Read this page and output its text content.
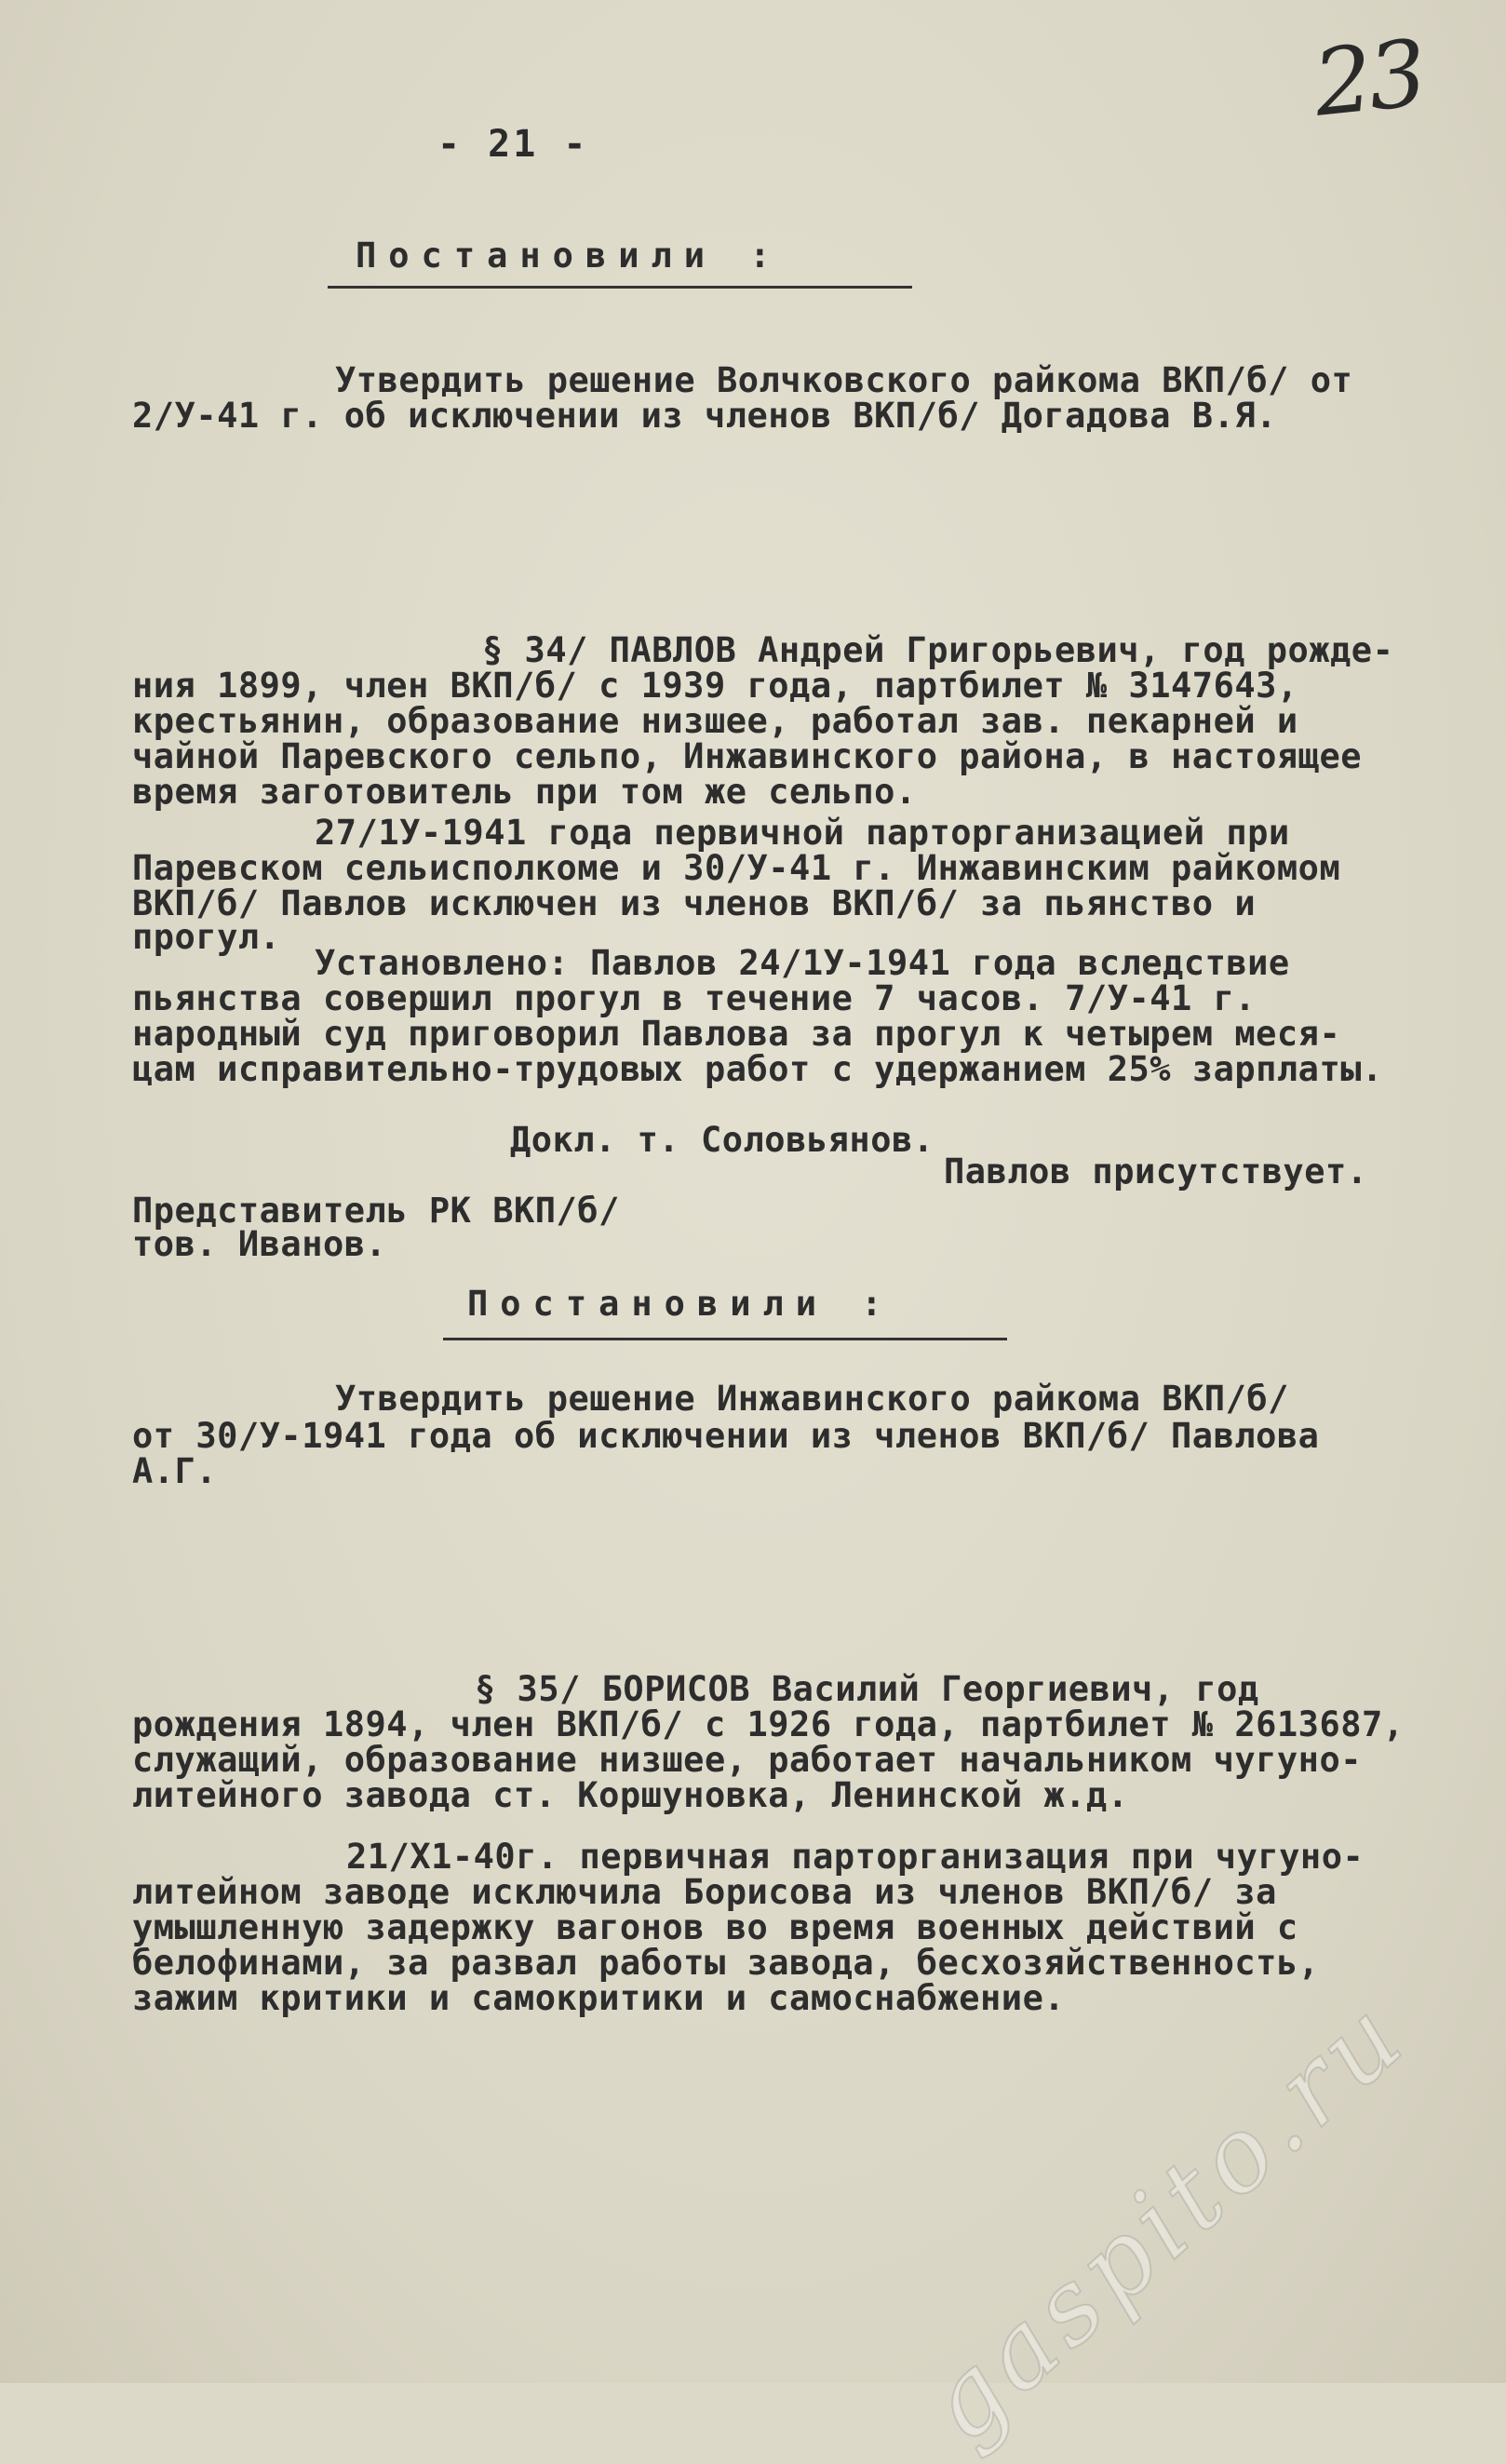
23
- 21 -
Постановили :
Утвердить решение Волчковского райкома ВКП/б/ от
2/У-41 г. об исключении из членов ВКП/б/ Догадова В.Я.
§ 34/ ПАВЛОВ Андрей Григорьевич, год рожде-
ния 1899, член ВКП/б/ с 1939 года, партбилет № 3147643,
крестьянин, образование низшее, работал зав. пекарней и
чайной Паревского сельпо, Инжавинского района, в настоящее
время заготовитель при том же сельпо.
27/1У-1941 года первичной парторганизацией при
Паревском сельисполкоме и 30/У-41 г. Инжавинским райкомом
ВКП/б/ Павлов исключен из членов ВКП/б/ за пьянство и
прогул.
Установлено: Павлов 24/1У-1941 года вследствие
пьянства совершил прогул в течение 7 часов. 7/У-41 г.
народный суд приговорил Павлова за прогул к четырем меся-
цам исправительно-трудовых работ с удержанием 25% зарплаты.
Докл. т. Соловьянов.
Павлов присутствует.
Представитель РК ВКП/б/
тов. Иванов.
Постановили :
Утвердить решение Инжавинского райкома ВКП/б/
от 30/У-1941 года об исключении из членов ВКП/б/ Павлова
А.Г.
§ 35/ БОРИСОВ Василий Георгиевич, год
рождения 1894, член ВКП/б/ с 1926 года, партбилет № 2613687,
служащий, образование низшее, работает начальником чугуно-
литейного завода ст. Коршуновка, Ленинской ж.д.
21/Х1-40г. первичная парторганизация при чугуно-
литейном заводе исключила Борисова из членов ВКП/б/ за
умышленную задержку вагонов во время военных действий с
белофинами, за развал работы завода, бесхозяйственность,
зажим критики и самокритики и самоснабжение.
gaspito.ru
